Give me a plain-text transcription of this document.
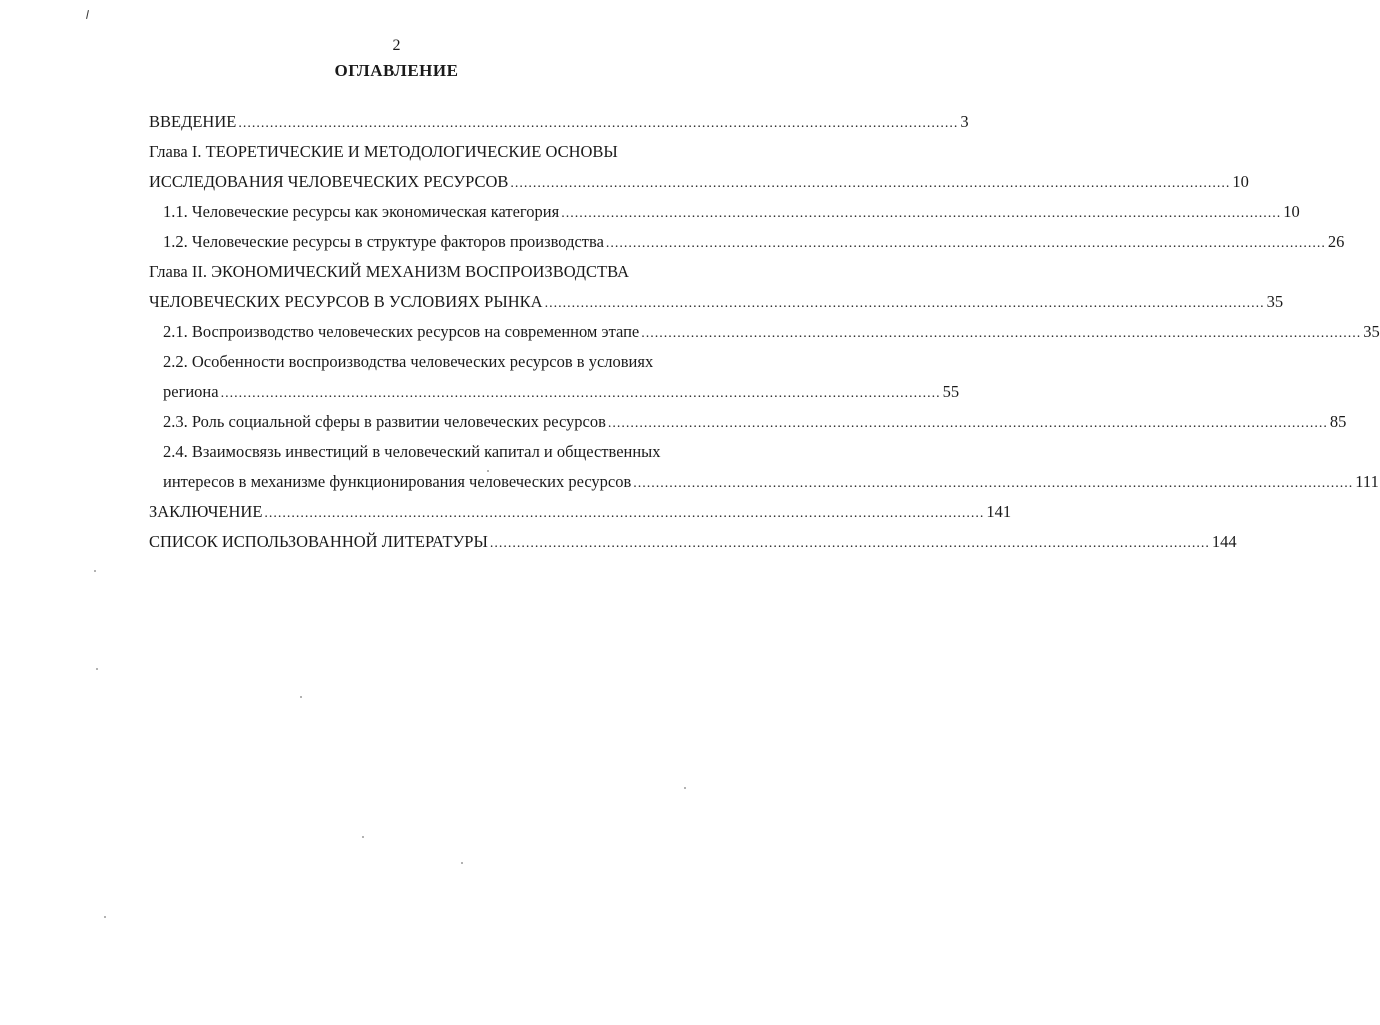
2
ОГЛАВЛЕНИЕ
ВВЕДЕНИЕ ................................................................................................................................................................ 3
Глава I. ТЕОРЕТИЧЕСКИЕ И МЕТОДОЛОГИЧЕСКИЕ ОСНОВЫ
ИССЛЕДОВАНИЯ ЧЕЛОВЕЧЕСКИХ РЕСУРСОВ ................................................................................................................................................................ 10
1.1. Человеческие ресурсы как экономическая категория ................................................................................................................................................................ 10
1.2. Человеческие ресурсы в структуре факторов производства ................................................................................................................................................................ 26
Глава II. ЭКОНОМИЧЕСКИЙ МЕХАНИЗМ ВОСПРОИЗВОДСТВА
ЧЕЛОВЕЧЕСКИХ РЕСУРСОВ В УСЛОВИЯХ РЫНКА ................................................................................................................................................................ 35
2.1. Воспроизводство человеческих ресурсов на современном этапе ................................................................................................................................................................ 35
2.2. Особенности воспроизводства человеческих ресурсов в условиях
региона ................................................................................................................................................................ 55
2.3. Роль социальной сферы в развитии человеческих ресурсов ................................................................................................................................................................ 85
2.4. Взаимосвязь инвестиций в человеческий капитал и общественных
интересов в механизме функционирования человеческих ресурсов ................................................................................................................................................................ 111
ЗАКЛЮЧЕНИЕ ................................................................................................................................................................ 141
СПИСОК ИСПОЛЬЗОВАННОЙ ЛИТЕРАТУРЫ ................................................................................................................................................................ 144
